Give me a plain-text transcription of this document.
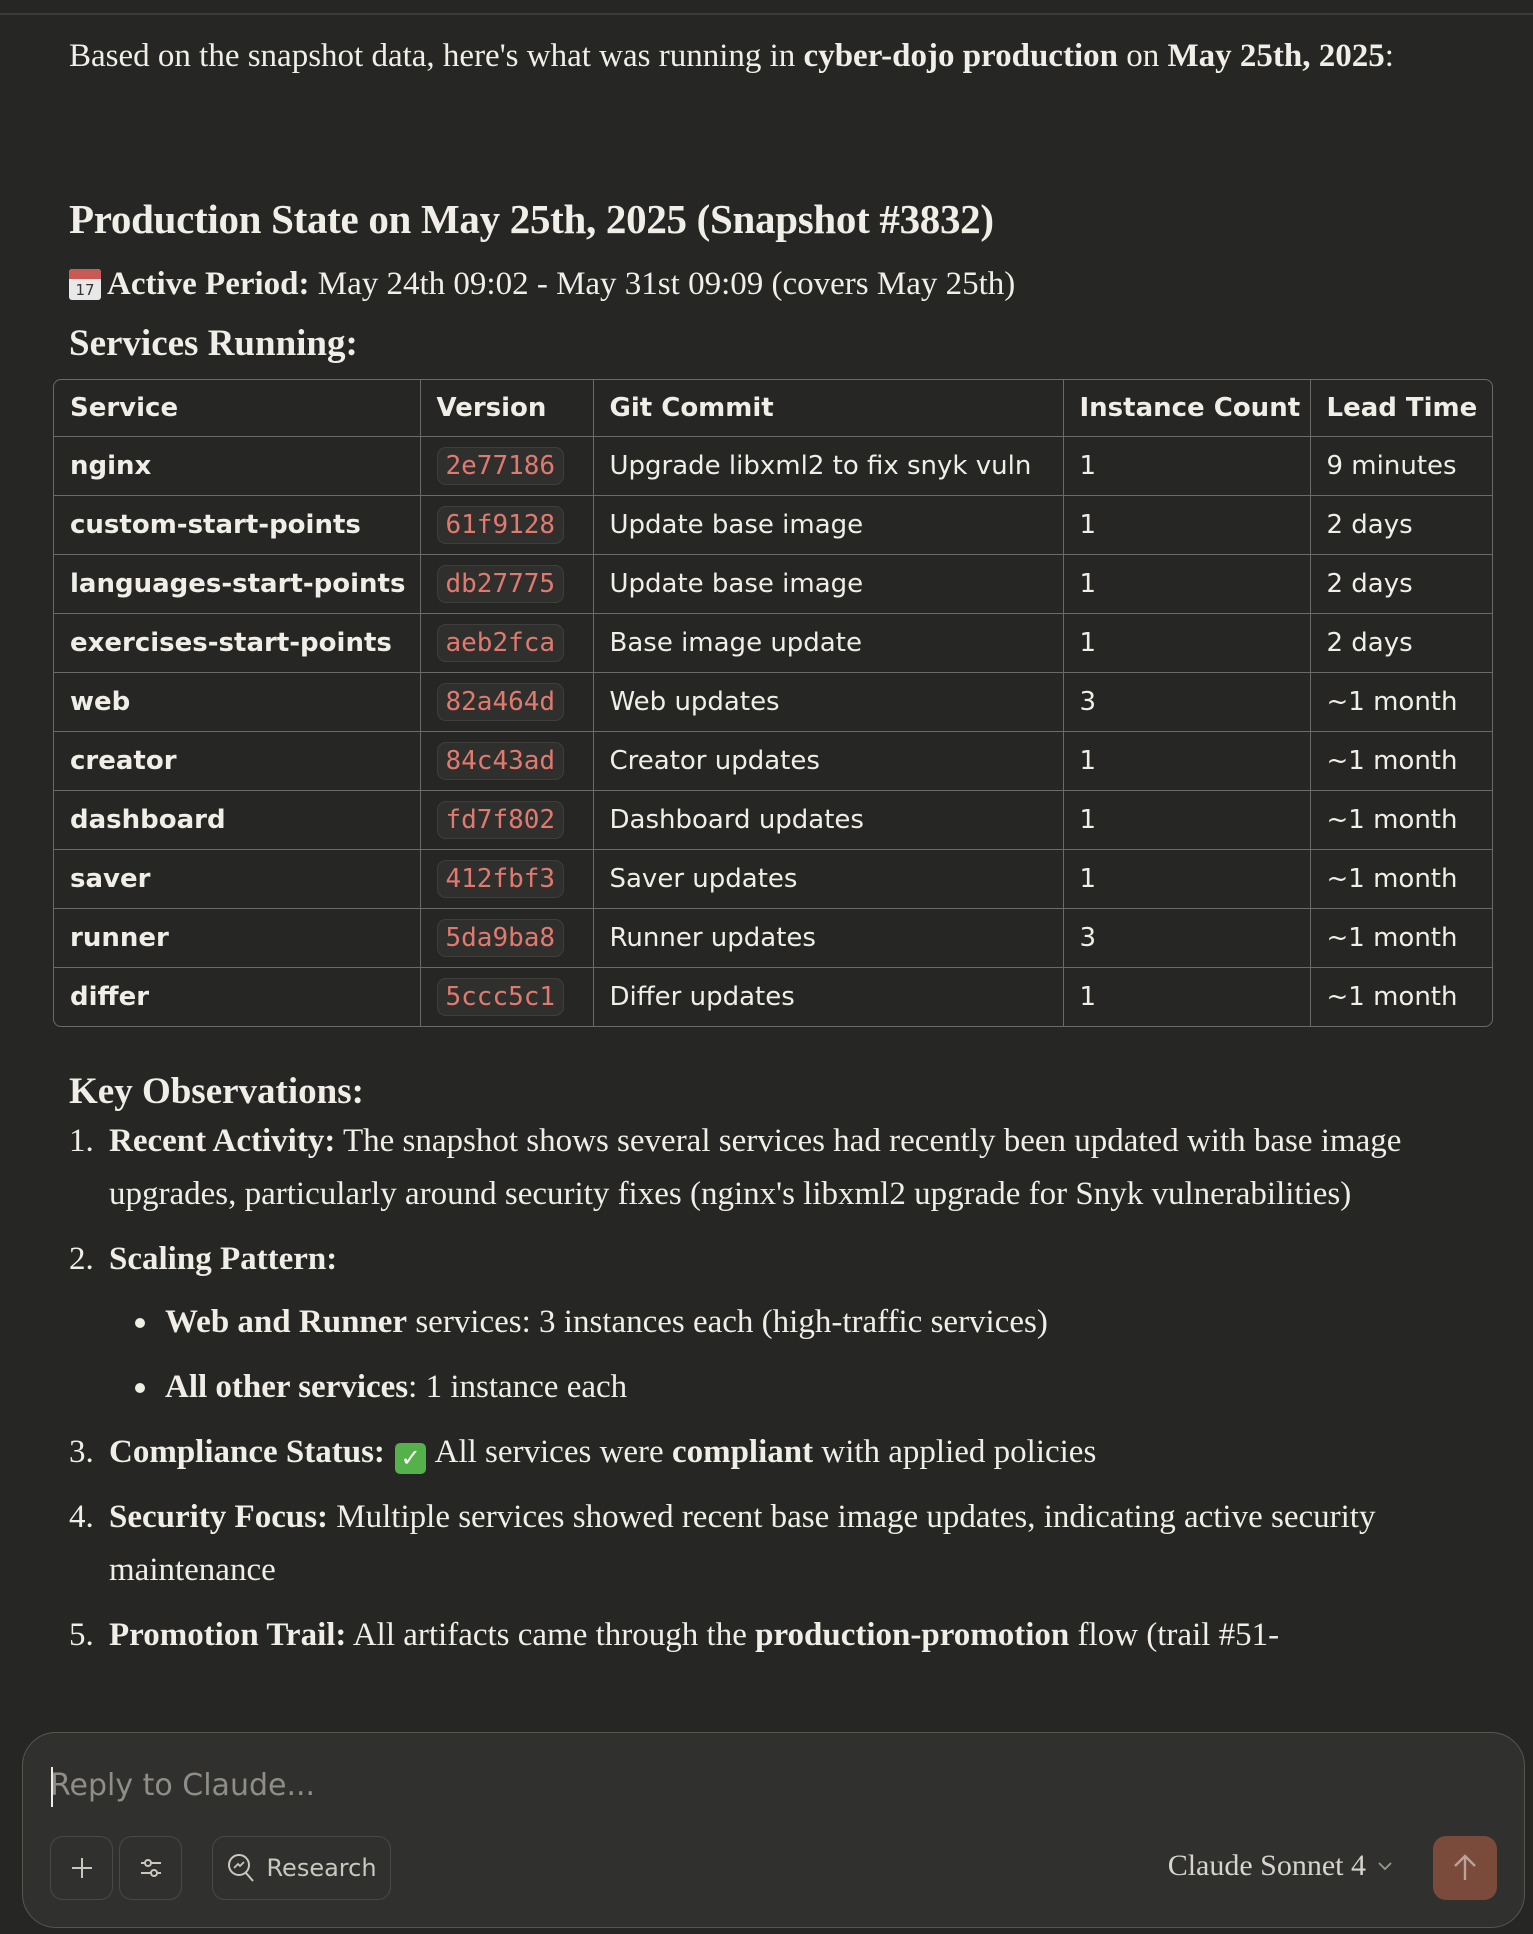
Based on the snapshot data, here's what was running in cyber-dojo production on May 25th, 2025:

Production State on May 25th, 2025 (Snapshot #3832)
17 Active Period: May 24th 09:02 - May 31st 09:09 (covers May 25th)
Services Running:
Service	Version	Git Commit	Instance Count	Lead Time
nginx	2e77186	Upgrade libxml2 to fix snyk vuln	1	9 minutes
custom-start-points	61f9128	Update base image	1	2 days
languages-start-points	db27775	Update base image	1	2 days
exercises-start-points	aeb2fca	Base image update	1	2 days
web	82a464d	Web updates	3	~1 month
creator	84c43ad	Creator updates	1	~1 month
dashboard	fd7f802	Dashboard updates	1	~1 month
saver	412fbf3	Saver updates	1	~1 month
runner	5da9ba8	Runner updates	3	~1 month
differ	5ccc5c1	Differ updates	1	~1 month
Key Observations:
1. Recent Activity: The snapshot shows several services had recently been updated with base image upgrades, particularly around security fixes (nginx's libxml2 upgrade for Snyk vulnerabilities)
2. Scaling Pattern:
Web and Runner services: 3 instances each (high-traffic services)
All other services: 1 instance each
3. Compliance Status: ✓ All services were compliant with applied policies
4. Security Focus: Multiple services showed recent base image updates, indicating active security maintenance
5. Promotion Trail: All artifacts came through the production-promotion flow (trail #51-
Reply to Claude...
Research	Claude Sonnet 4
